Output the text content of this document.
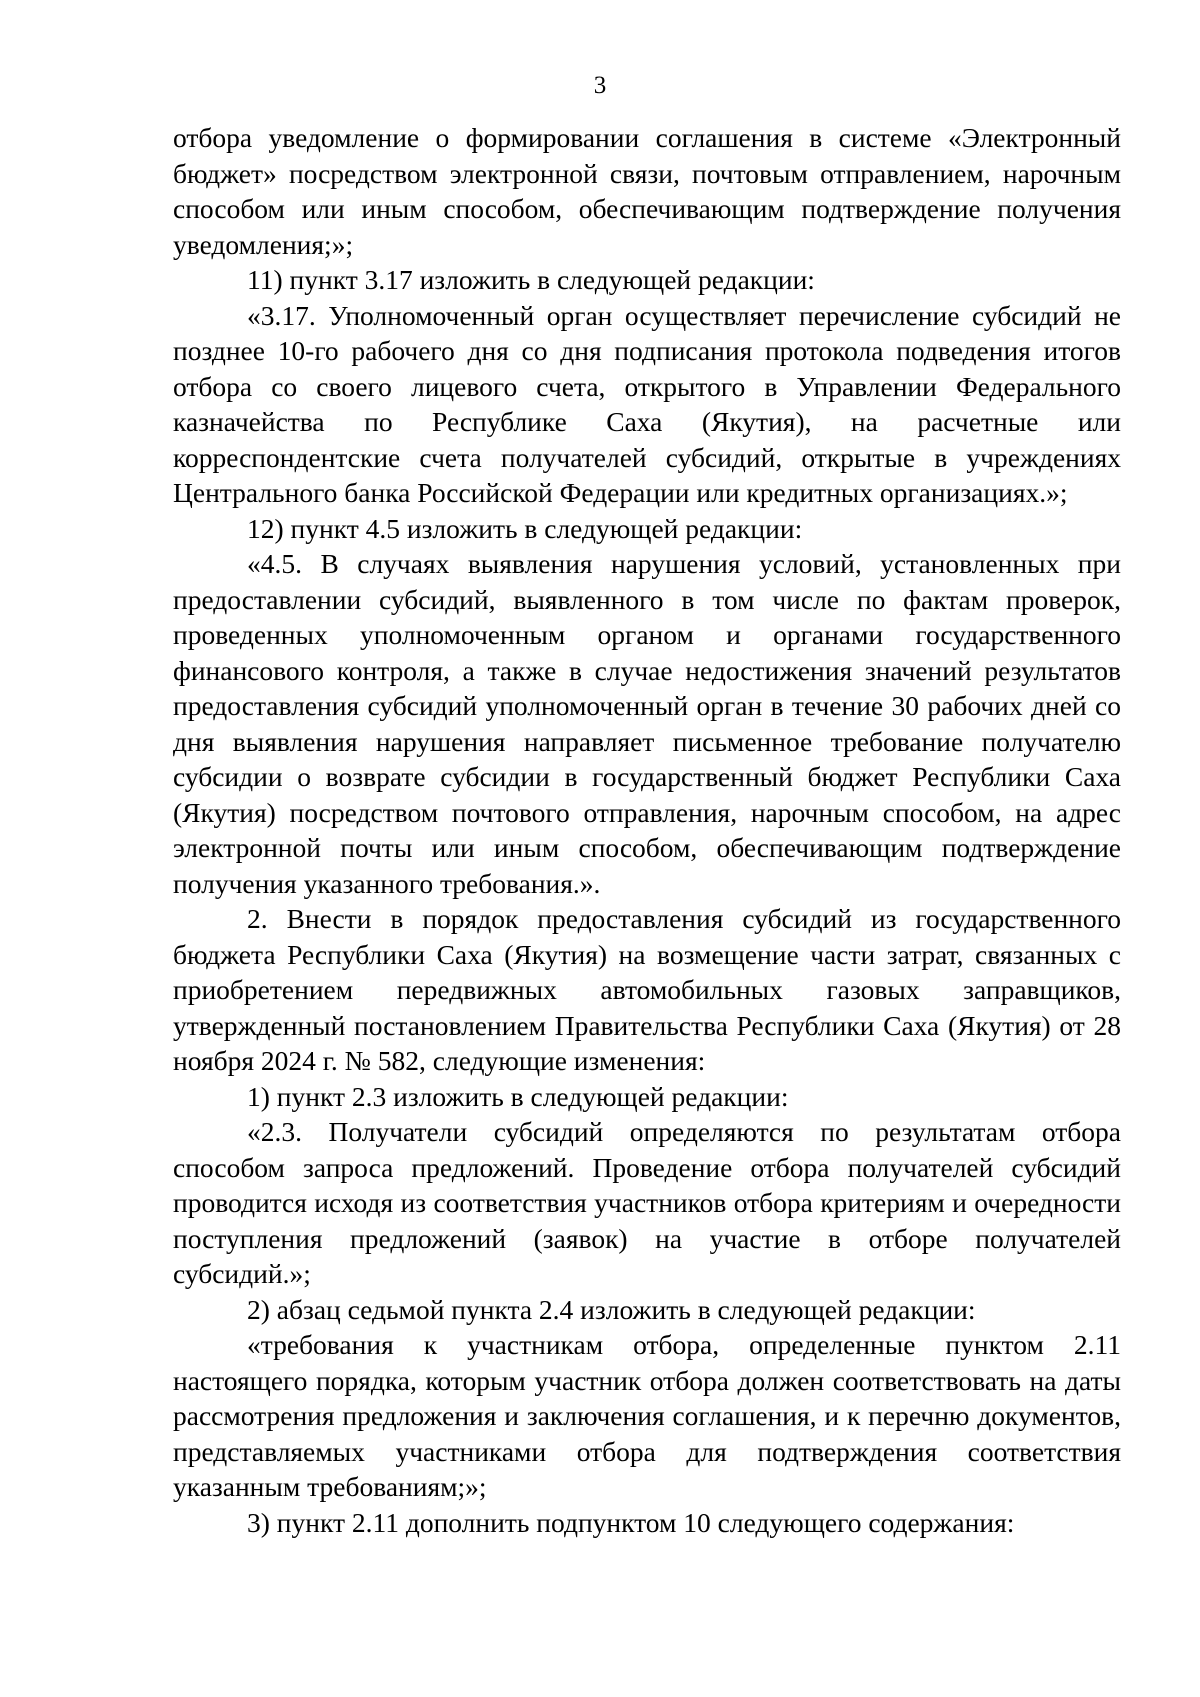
3

отбора уведомление о формировании соглашения в системе «Электронный бюджет» посредством электронной связи, почтовым отправлением, нарочным способом или иным способом, обеспечивающим подтверждение получения уведомления;»;

11) пункт 3.17 изложить в следующей редакции:

«3.17. Уполномоченный орган осуществляет перечисление субсидий не позднее 10-го рабочего дня со дня подписания протокола подведения итогов отбора со своего лицевого счета, открытого в Управлении Федерального казначейства по Республике Саха (Якутия), на расчетные или корреспондентские счета получателей субсидий, открытые в учреждениях Центрального банка Российской Федерации или кредитных организациях.»;

12) пункт 4.5 изложить в следующей редакции:

«4.5. В случаях выявления нарушения условий, установленных при предоставлении субсидий, выявленного в том числе по фактам проверок, проведенных уполномоченным органом и органами государственного финансового контроля, а также в случае недостижения значений результатов предоставления субсидий уполномоченный орган в течение 30 рабочих дней со дня выявления нарушения направляет письменное требование получателю субсидии о возврате субсидии в государственный бюджет Республики Саха (Якутия) посредством почтового отправления, нарочным способом, на адрес электронной почты или иным способом, обеспечивающим подтверждение получения указанного требования.».

2. Внести в порядок предоставления субсидий из государственного бюджета Республики Саха (Якутия) на возмещение части затрат, связанных с приобретением передвижных автомобильных газовых заправщиков, утвержденный постановлением Правительства Республики Саха (Якутия) от 28 ноября 2024 г. № 582, следующие изменения:

1) пункт 2.3 изложить в следующей редакции:

«2.3. Получатели субсидий определяются по результатам отбора способом запроса предложений. Проведение отбора получателей субсидий проводится исходя из соответствия участников отбора критериям и очередности поступления предложений (заявок) на участие в отборе получателей субсидий.»;

2) абзац седьмой пункта 2.4 изложить в следующей редакции:

«требования к участникам отбора, определенные пунктом 2.11 настоящего порядка, которым участник отбора должен соответствовать на даты рассмотрения предложения и заключения соглашения, и к перечню документов, представляемых участниками отбора для подтверждения соответствия указанным требованиям;»;

3) пункт 2.11 дополнить подпунктом 10 следующего содержания:
